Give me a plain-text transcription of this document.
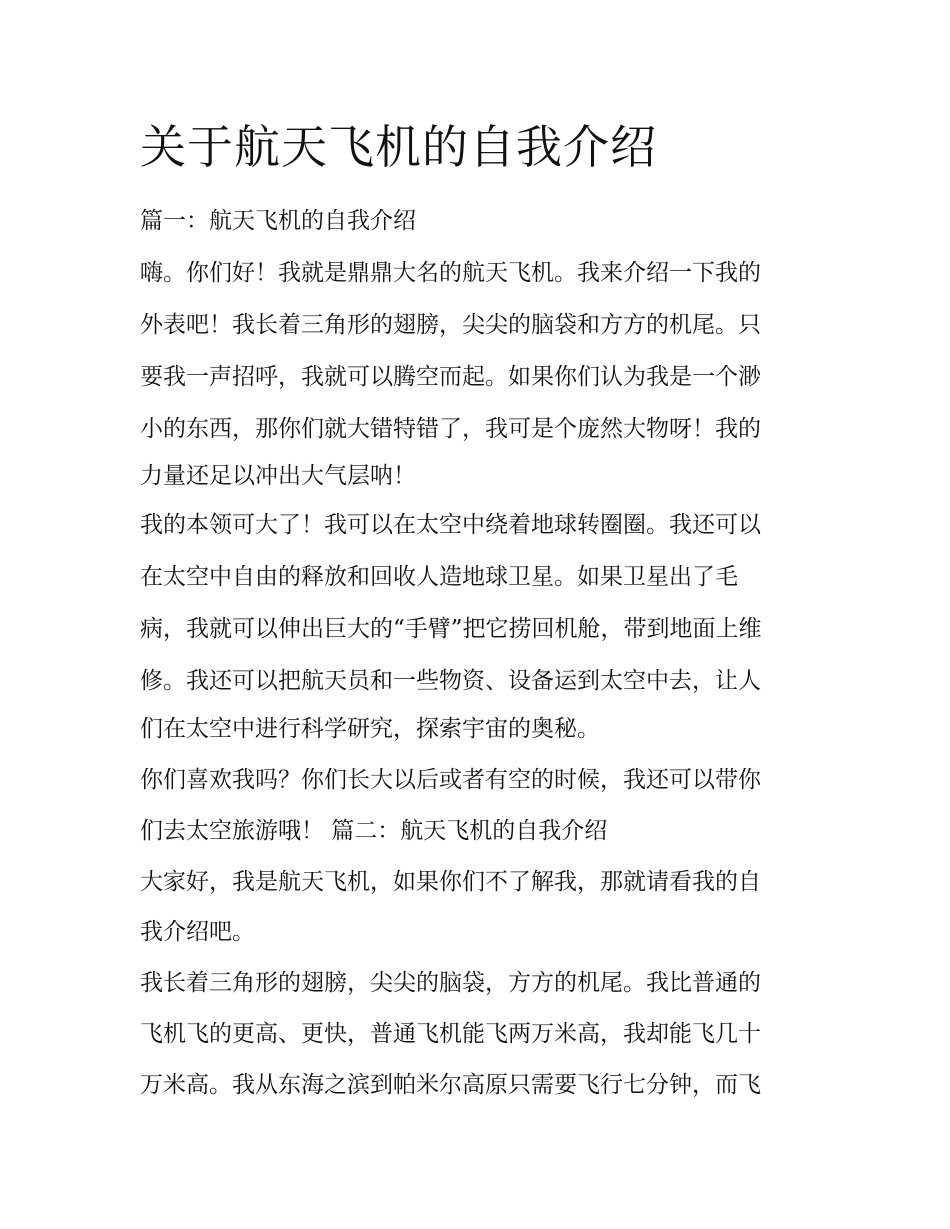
关于航天飞机的自我介绍

篇一：航天飞机的自我介绍

嗨。你们好！我就是鼎鼎大名的航天飞机。我来介绍一下我的

外表吧！我长着三角形的翅膀，尖尖的脑袋和方方的机尾。只

要我一声招呼，我就可以腾空而起。如果你们认为我是一个渺

小的东西，那你们就大错特错了，我可是个庞然大物呀！我的

力量还足以冲出大气层呐！

我的本领可大了！我可以在太空中绕着地球转圈圈。我还可以

在太空中自由的释放和回收人造地球卫星。如果卫星出了毛

病，我就可以伸出巨大的“手臂”把它捞回机舱，带到地面上维

修。我还可以把航天员和一些物资、设备运到太空中去，让人

们在太空中进行科学研究，探索宇宙的奥秘。

你们喜欢我吗？你们长大以后或者有空的时候，我还可以带你

们去太空旅游哦！ 篇二：航天飞机的自我介绍

大家好，我是航天飞机，如果你们不了解我，那就请看我的自

我介绍吧。

我长着三角形的翅膀，尖尖的脑袋，方方的机尾。我比普通的

飞机飞的更高、更快，普通飞机能飞两万米高，我却能飞几十

万米高。我从东海之滨到帕米尔高原只需要飞行七分钟，而飞
